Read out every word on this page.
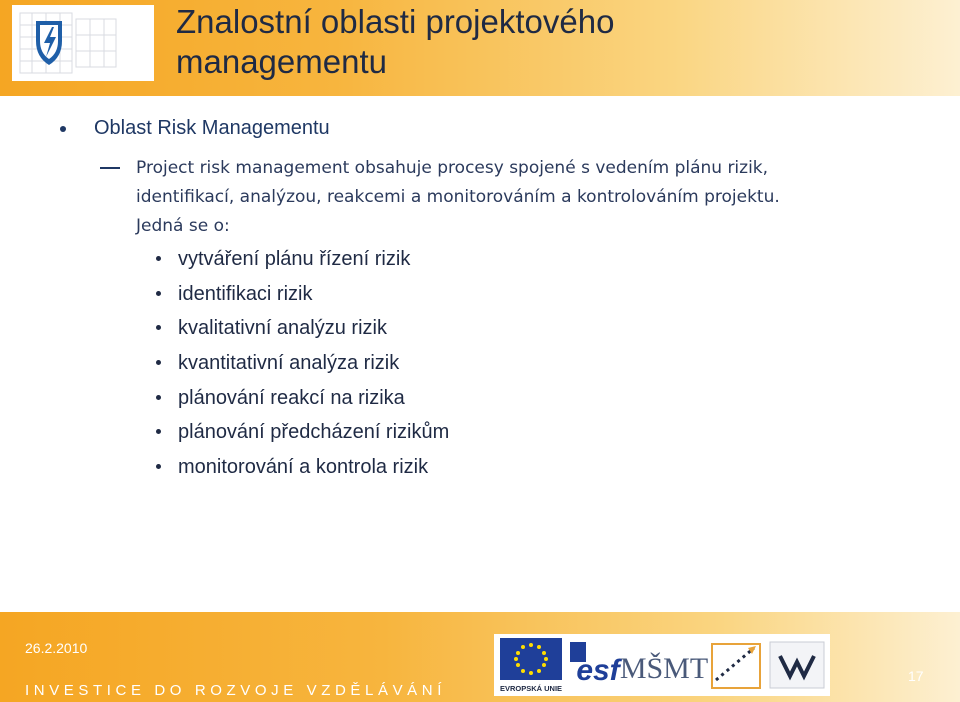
Znalostní oblasti projektového
managementu
Oblast Risk Managementu

Project risk management obsahuje procesy spojené s vedením plánu rizik,
identifikací, analýzou, reakcemi a monitorováním a kontrolováním projektu.
Jedná se o:

vytváření plánu řízení rizik
identifikaci rizik
kvalitativní analýzu rizik
kvantitativní analýza rizik
plánování reakcí na rizika
plánování předcházení rizikům
monitorování a kontrola rizik
26.2.2010
INVESTICE DO ROZVOJE VZDĚLÁVÁNÍ	EVROPSKÁ UNIE
esf MŠMT	17
